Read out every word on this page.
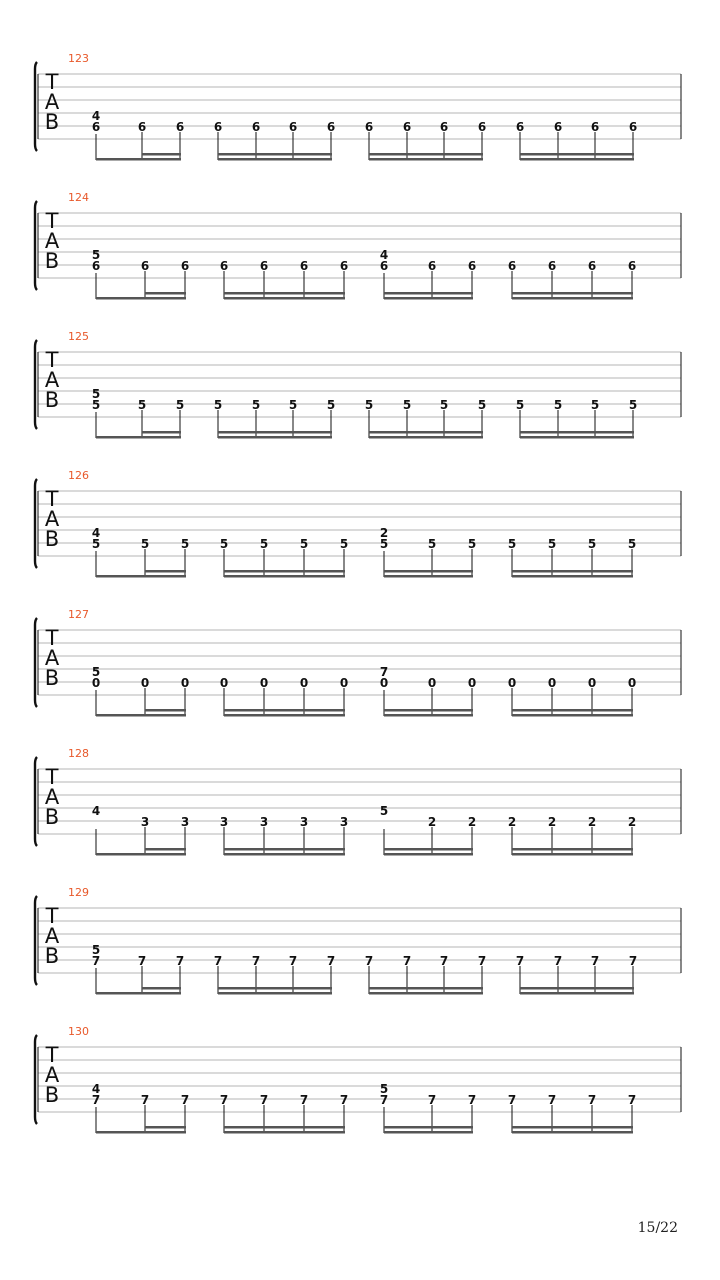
123
T
A
B	4
6	6 6 6 6 6 6 6 6 6 6 6 6 6 6
124
T
A
B	5
6	6	6	6	6	6	6
4
6	6	6	6	6	6	6
125
T
A
B	5
5	5 5 5 5 5 5 5 5 5 5 5 5 5 5
126
T
A
B	4
5	5	5	5	5	5	5
2
5	5	5	5	5	5	5
127
T
A
B	5
0	0	0	0	0	0	0
7
0	0	0	0	0	0	0
128
T
A
B	4
3	3	3	3	3	3
5
2	2	2	2	2	2
129
T
A
B	5
7	7 7 7 7 7 7 7 7 7 7 7 7 7 7
130
T
A
B	4
7	7	7	7	7	7	7
5
7	7	7	7	7	7	7
15/22
